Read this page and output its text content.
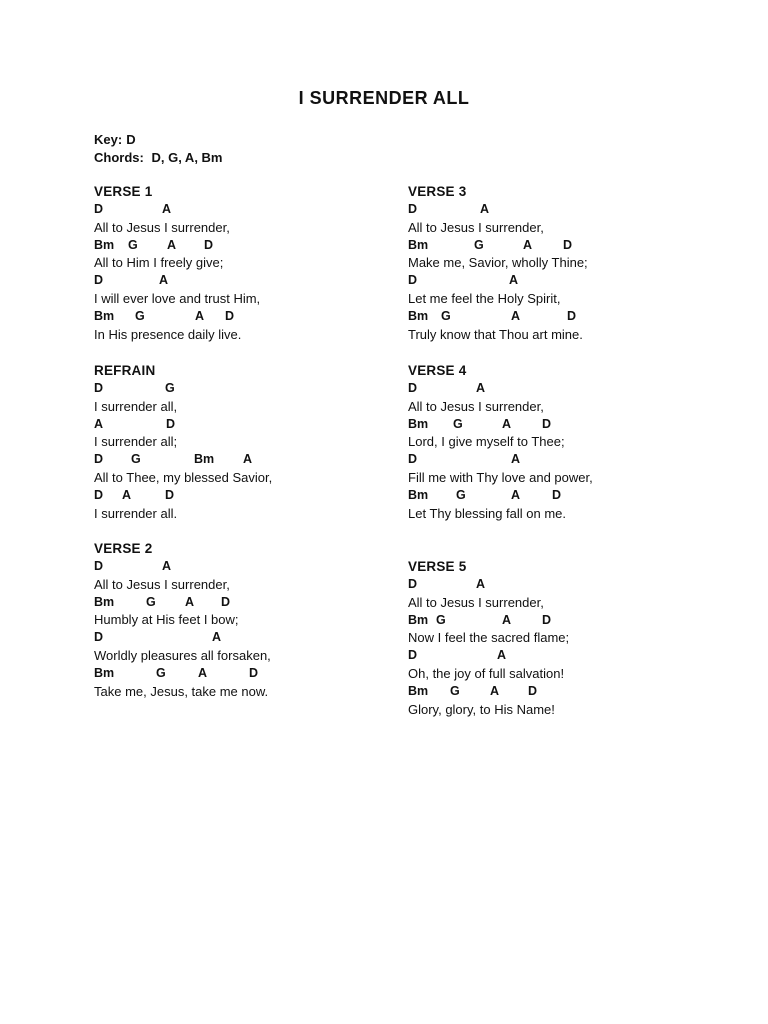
I SURRENDER ALL
Key: D
Chords: D, G, A, Bm
VERSE 1
D	A
All to Jesus I surrender,
Bm G A D
All to Him I freely give;
D	A
I will ever love and trust Him,
Bm G	A D
In His presence daily live.
REFRAIN
D	G
I surrender all,
A	D
I surrender all;
D G	Bm A
All to Thee, my blessed Savior,
D A	D
I surrender all.
VERSE 2
D	A
All to Jesus I surrender,
Bm	G A D
Humbly at His feet I bow;
D	A
Worldly pleasures all forsaken,
Bm	G	A	D
Take me, Jesus, take me now.
VERSE 3
D	A
All to Jesus I surrender,
Bm	G	A D
Make me, Savior, wholly Thine;
D	A
Let me feel the Holy Spirit,
Bm G	A	D
Truly know that Thou art mine.
VERSE 4
D	A
All to Jesus I surrender,
Bm G	A D
Lord, I give myself to Thee;
D	A
Fill me with Thy love and power,
Bm G	A	D
Let Thy blessing fall on me.
VERSE 5
D	A
All to Jesus I surrender,
Bm G	A D
Now I feel the sacred flame;
D	A
Oh, the joy of full salvation!
Bm G A D
Glory, glory, to His Name!
